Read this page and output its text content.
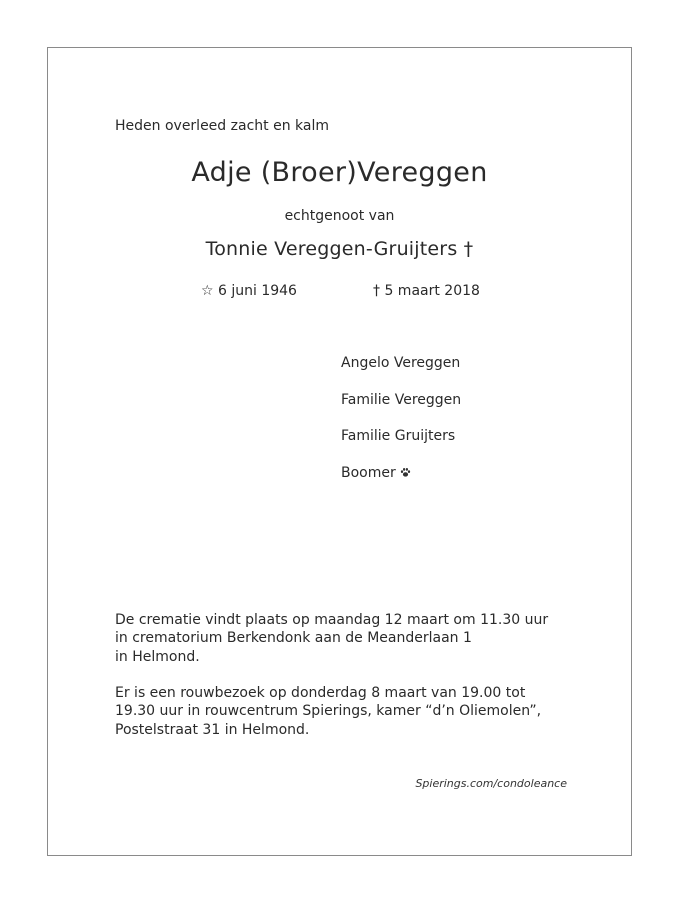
Heden overleed zacht en kalm
Adje (Broer)Vereggen
echtgenoot van
Tonnie Vereggen-Gruijters †
☆ 6 juni 1946	† 5 maart 2018
Angelo Vereggen
Familie Vereggen
Familie Gruijters
Boomer
De crematie vindt plaats op maandag 12 maart om 11.30 uur
in crematorium Berkendonk aan de Meanderlaan 1
in Helmond.
Er is een rouwbezoek op donderdag 8 maart van 19.00 tot
19.30 uur in rouwcentrum Spierings, kamer “d’n Oliemolen”,
Postelstraat 31 in Helmond.
Spierings.com/condoleance
